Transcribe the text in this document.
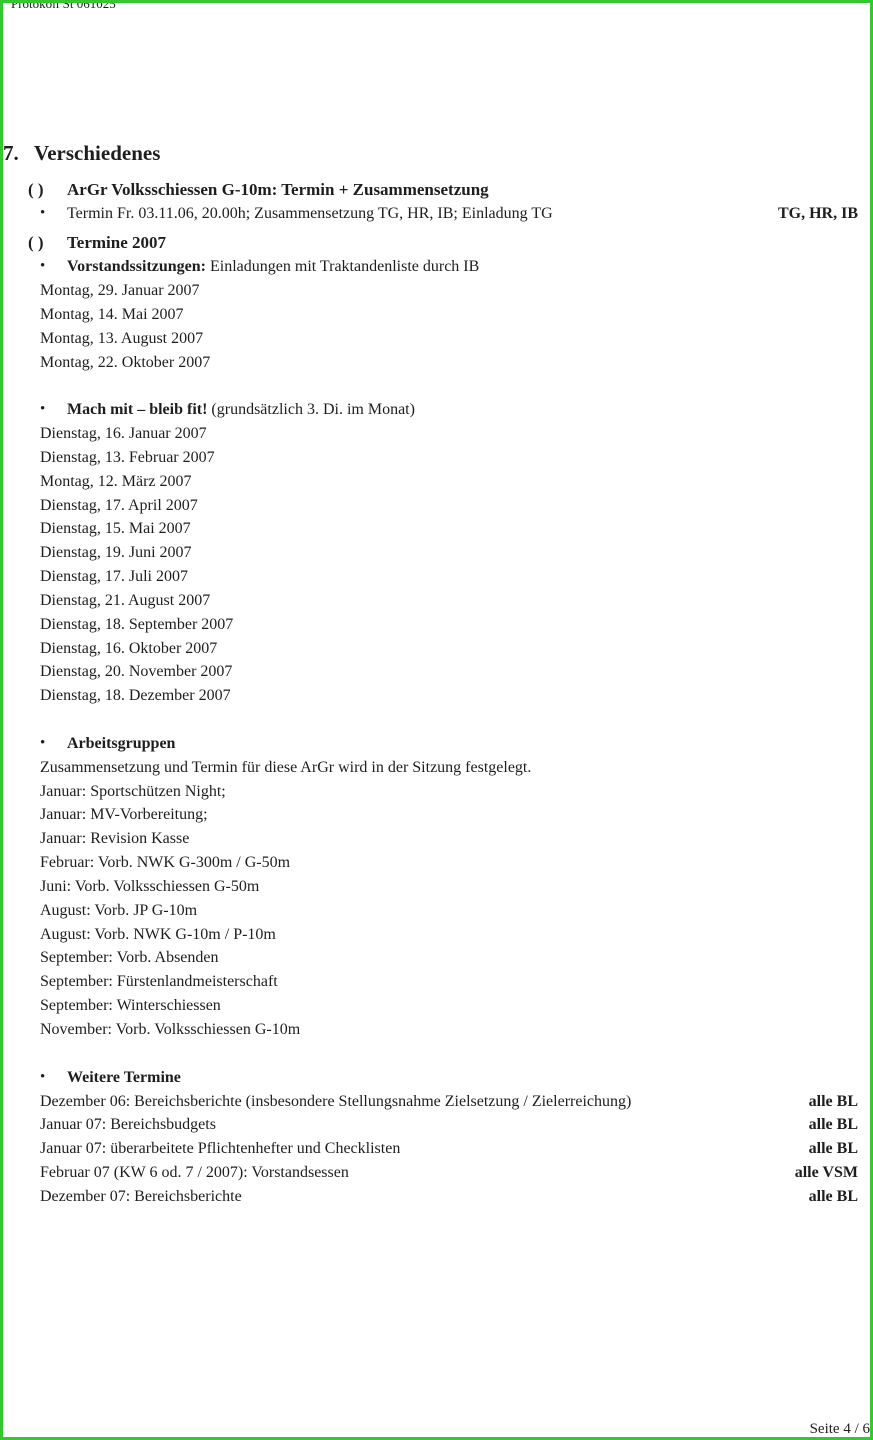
Protokoll St 061025
7. Verschiedenes
( ) ArGr Volksschiessen G-10m: Termin + Zusammensetzung
• Termin Fr. 03.11.06, 20.00h; Zusammensetzung TG, HR, IB; Einladung TG	TG, HR, IB
( ) Termine 2007
• Vorstandssitzungen: Einladungen mit Traktandenliste durch IB
Montag, 29. Januar 2007
Montag, 14. Mai 2007
Montag, 13. August 2007
Montag, 22. Oktober 2007
• Mach mit – bleib fit! (grundsätzlich 3. Di. im Monat)
Dienstag, 16. Januar 2007
Dienstag, 13. Februar 2007
Montag, 12. März 2007
Dienstag, 17. April 2007
Dienstag, 15. Mai 2007
Dienstag, 19. Juni 2007
Dienstag, 17. Juli 2007
Dienstag, 21. August 2007
Dienstag, 18. September 2007
Dienstag, 16. Oktober 2007
Dienstag, 20. November 2007
Dienstag, 18. Dezember 2007
• Arbeitsgruppen
Zusammensetzung und Termin für diese ArGr wird in der Sitzung festgelegt.
Januar: Sportschützen Night;
Januar: MV-Vorbereitung;
Januar: Revision Kasse
Februar: Vorb. NWK G-300m / G-50m
Juni: Vorb. Volksschiessen G-50m
August: Vorb. JP G-10m
August: Vorb. NWK G-10m / P-10m
September: Vorb. Absenden
September: Fürstenlandmeisterschaft
September: Winterschiessen
November: Vorb. Volksschiessen G-10m
• Weitere Termine
Dezember 06: Bereichsberichte (insbesondere Stellungsnahme Zielsetzung / Zielerreichung)	alle BL
Januar 07: Bereichsbudgets	alle BL
Januar 07: überarbeitete Pflichtenhefter und Checklisten	alle BL
Februar 07 (KW 6 od. 7 / 2007): Vorstandsessen	alle VSM
Dezember 07: Bereichsberichte	alle BL
Seite 4 / 6
